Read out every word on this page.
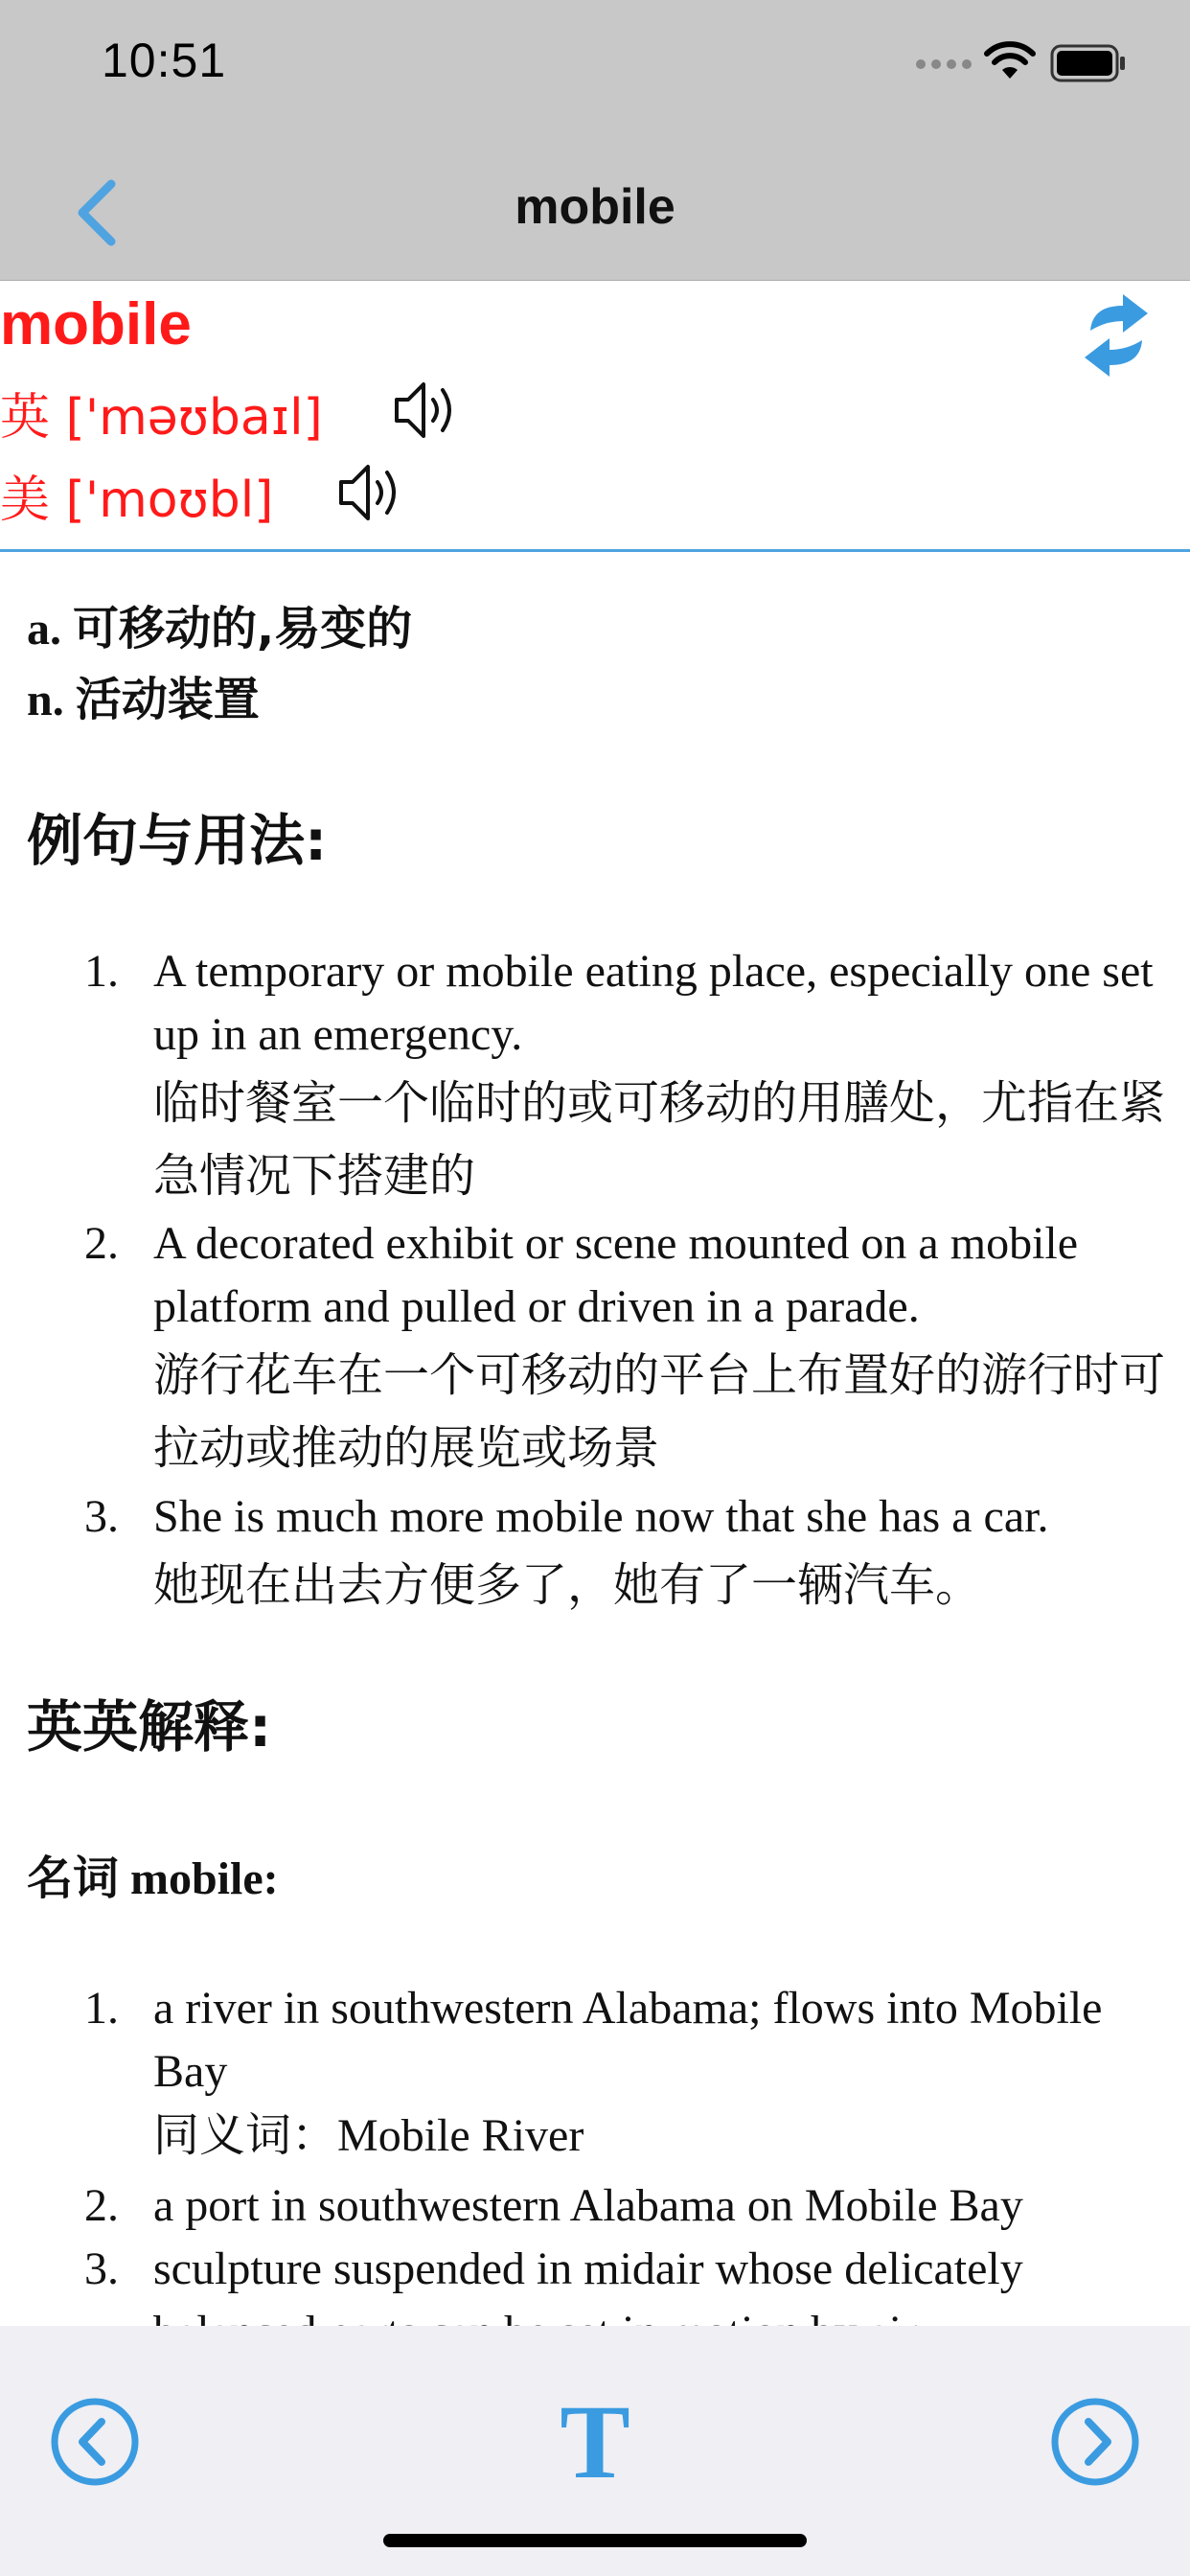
10:51
mobile
mobile
英 ['məʊbaɪl]
美 ['moʊbl]
a. 可移动的,易变的
n. 活动装置
例句与用法:
1. A temporary or mobile eating place, especially one set up in an emergency.
临时餐室一个临时的或可移动的用膳处，尤指在紧急情况下搭建的
2. A decorated exhibit or scene mounted on a mobile platform and pulled or driven in a parade.
游行花车在一个可移动的平台上布置好的游行时可拉动或推动的展览或场景
3. She is much more mobile now that she has a car.
她现在出去方便多了，她有了一辆汽车。
英英解释:
名词 mobile:
1. a river in southwestern Alabama; flows into Mobile Bay
同义词：Mobile River
2. a port in southwestern Alabama on Mobile Bay
3. sculpture suspended in midair whose delicately
T
